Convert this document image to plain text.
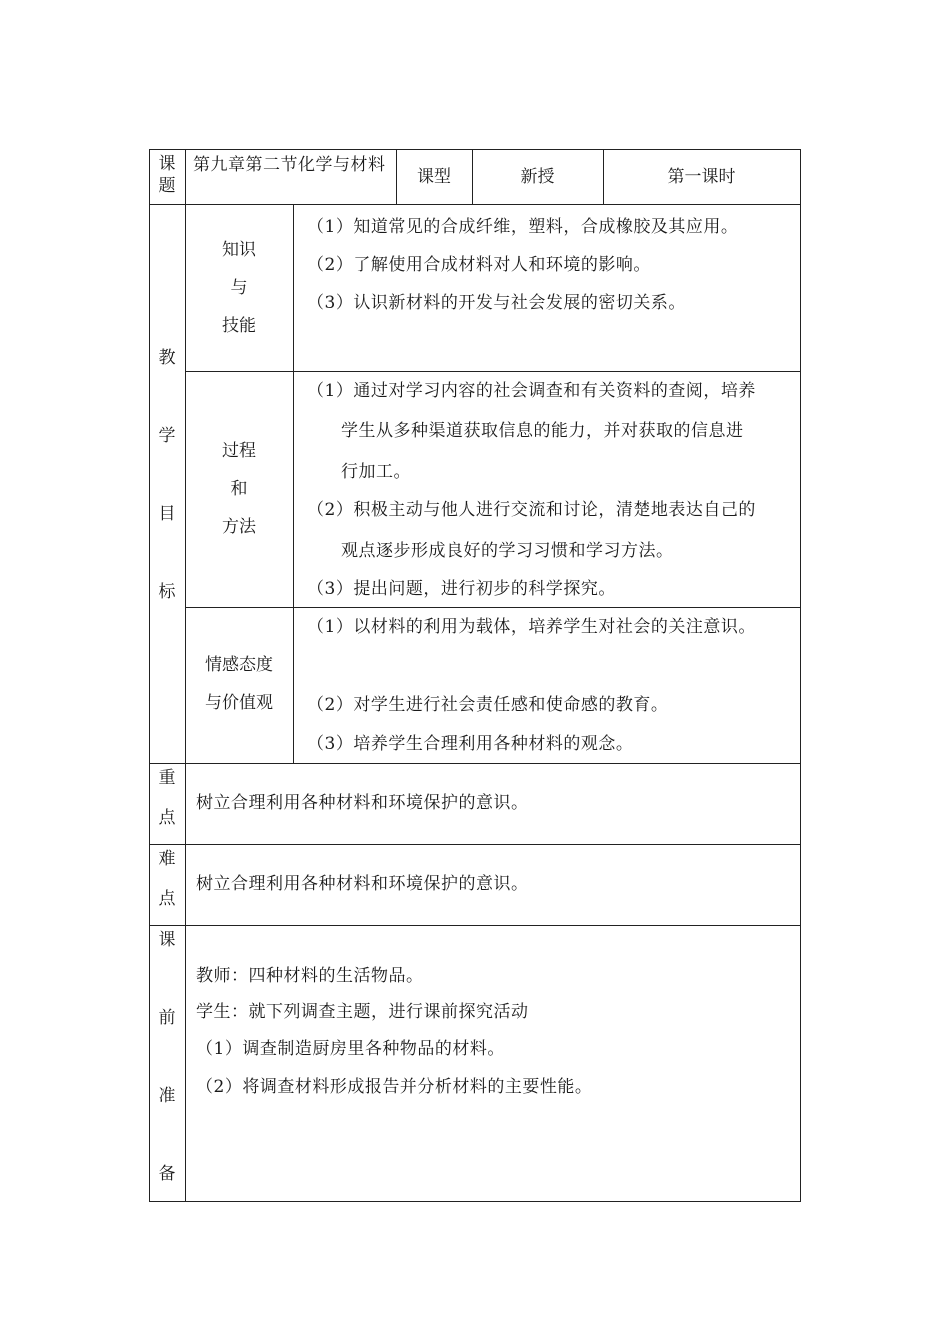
课
题
第九章第二节化学与材料
课型	新授	第一课时
教
学
目
标
知识
与
技能
（1）知道常见的合成纤维，塑料，合成橡胶及其应用。
（2）了解使用合成材料对人和环境的影响。
（3）认识新材料的开发与社会发展的密切关系。
过程
和
方法
（1）通过对学习内容的社会调查和有关资料的查阅，培养
学生从多种渠道获取信息的能力，并对获取的信息进
行加工。
（2）积极主动与他人进行交流和讨论，清楚地表达自己的
观点逐步形成良好的学习习惯和学习方法。
（3）提出问题，进行初步的科学探究。
情感态度
与价值观
（1）以材料的利用为载体，培养学生对社会的关注意识。
（2）对学生进行社会责任感和使命感的教育。
（3）培养学生合理利用各种材料的观念。
重
点
树立合理利用各种材料和环境保护的意识。
难
点
树立合理利用各种材料和环境保护的意识。
课
前
准
备
教师：四种材料的生活物品。
学生：就下列调查主题，进行课前探究活动
（1）调查制造厨房里各种物品的材料。
（2）将调查材料形成报告并分析材料的主要性能。
